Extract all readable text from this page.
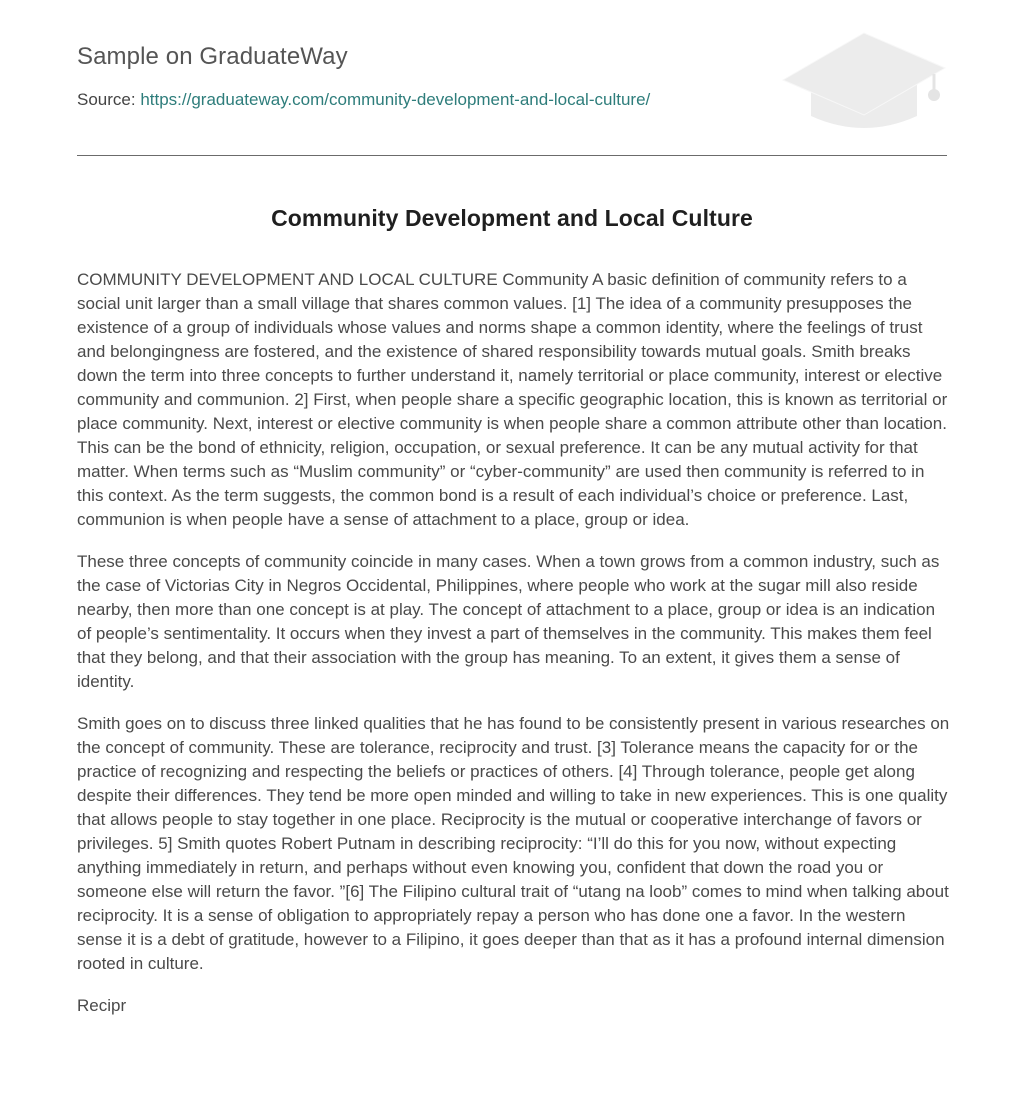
Sample on GraduateWay
Source: https://graduateway.com/community-development-and-local-culture/
Community Development and Local Culture

COMMUNITY DEVELOPMENT AND LOCAL CULTURE Community A basic definition of community refers to a social unit larger than a small village that shares common values. [1] The idea of a community presupposes the existence of a group of individuals whose values and norms shape a common identity, where the feelings of trust and belongingness are fostered, and the existence of shared responsibility towards mutual goals. Smith breaks down the term into three concepts to further understand it, namely territorial or place community, interest or elective community and communion. 2] First, when people share a specific geographic location, this is known as territorial or place community. Next, interest or elective community is when people share a common attribute other than location. This can be the bond of ethnicity, religion, occupation, or sexual preference. It can be any mutual activity for that matter. When terms such as “Muslim community” or “cyber-community” are used then community is referred to in this context. As the term suggests, the common bond is a result of each individual’s choice or preference. Last, communion is when people have a sense of attachment to a place, group or idea.

These three concepts of community coincide in many cases. When a town grows from a common industry, such as the case of Victorias City in Negros Occidental, Philippines, where people who work at the sugar mill also reside nearby, then more than one concept is at play. The concept of attachment to a place, group or idea is an indication of people’s sentimentality. It occurs when they invest a part of themselves in the community. This makes them feel that they belong, and that their association with the group has meaning. To an extent, it gives them a sense of identity.

Smith goes on to discuss three linked qualities that he has found to be consistently present in various researches on the concept of community. These are tolerance, reciprocity and trust. [3] Tolerance means the capacity for or the practice of recognizing and respecting the beliefs or practices of others. [4] Through tolerance, people get along despite their differences. They tend be more open minded and willing to take in new experiences. This is one quality that allows people to stay together in one place. Reciprocity is the mutual or cooperative interchange of favors or privileges. 5] Smith quotes Robert Putnam in describing reciprocity: “I’ll do this for you now, without expecting anything immediately in return, and perhaps without even knowing you, confident that down the road you or someone else will return the favor. ”[6] The Filipino cultural trait of “utang na loob” comes to mind when talking about reciprocity. It is a sense of obligation to appropriately repay a person who has done one a favor. In the western sense it is a debt of gratitude, however to a Filipino, it goes deeper than that as it has a profound internal dimension rooted in culture.

Recipr
